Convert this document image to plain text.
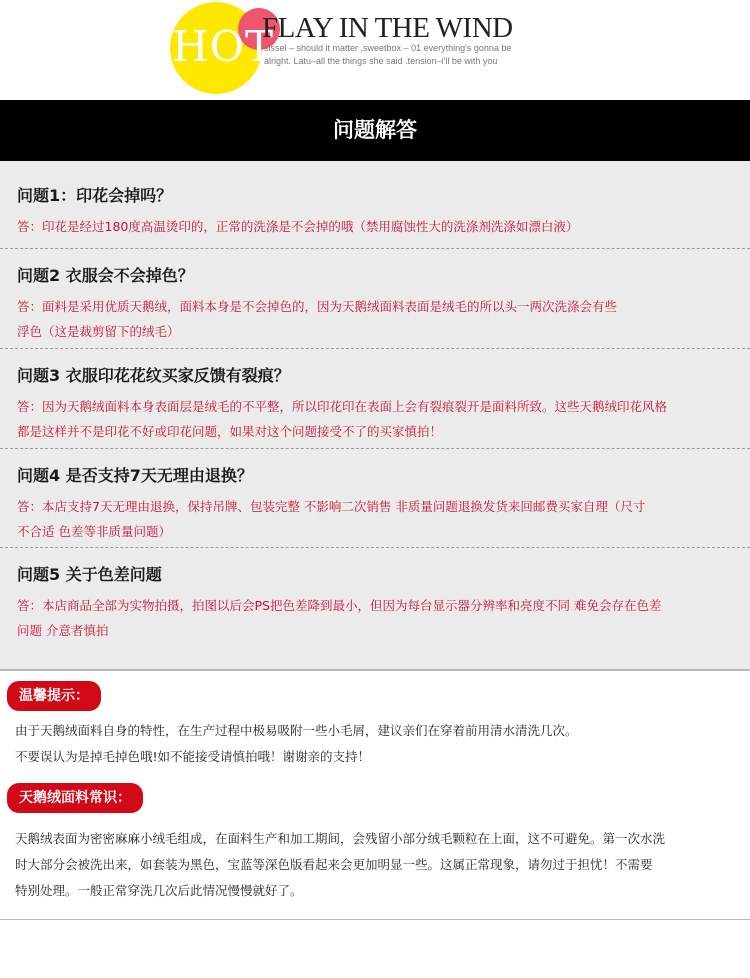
HOT
FLAY IN THE WIND
sissel – should it matter ,sweetbox – 01 everything's gonna be
alright. Latu–all the things she said .tension–i'll be with you
问题解答
问题1：印花会掉吗？
答：印花是经过180度高温烫印的，正常的洗涤是不会掉的哦（禁用腐蚀性大的洗涤剂洗涤如漂白液）
问题2 衣服会不会掉色？
答：面料是采用优质天鹅绒，面料本身是不会掉色的，因为天鹅绒面料表面是绒毛的所以头一两次洗涤会有些
浮色（这是裁剪留下的绒毛）
问题3 衣服印花花纹买家反馈有裂痕？
答：因为天鹅绒面料本身表面层是绒毛的不平整，所以印花印在表面上会有裂痕裂开是面料所致。这些天鹅绒印花风格
都是这样并不是印花不好或印花问题，如果对这个问题接受不了的买家慎拍！
问题4 是否支持7天无理由退换？
答：本店支持7天无理由退换，保持吊牌、包装完整 不影响二次销售 非质量问题退换发货来回邮费买家自理（尺寸
不合适 色差等非质量问题）
问题5 关于色差问题
答：本店商品全部为实物拍摄，拍图以后会PS把色差降到最小，但因为每台显示器分辨率和亮度不同 难免会存在色差
问题 介意者慎拍
温馨提示：
由于天鹅绒面料自身的特性，在生产过程中极易吸附一些小毛屑，建议亲们在穿着前用清水清洗几次。
不要误认为是掉毛掉色哦!如不能接受请慎拍哦！谢谢亲的支持！
天鹅绒面料常识：
天鹅绒表面为密密麻麻小绒毛组成，在面料生产和加工期间，会残留小部分绒毛颗粒在上面，这不可避免。第一次水洗
时大部分会被洗出来，如套装为黑色，宝蓝等深色版看起来会更加明显一些。这属正常现象，请勿过于担忧！不需要
特别处理。一般正常穿洗几次后此情况慢慢就好了。
